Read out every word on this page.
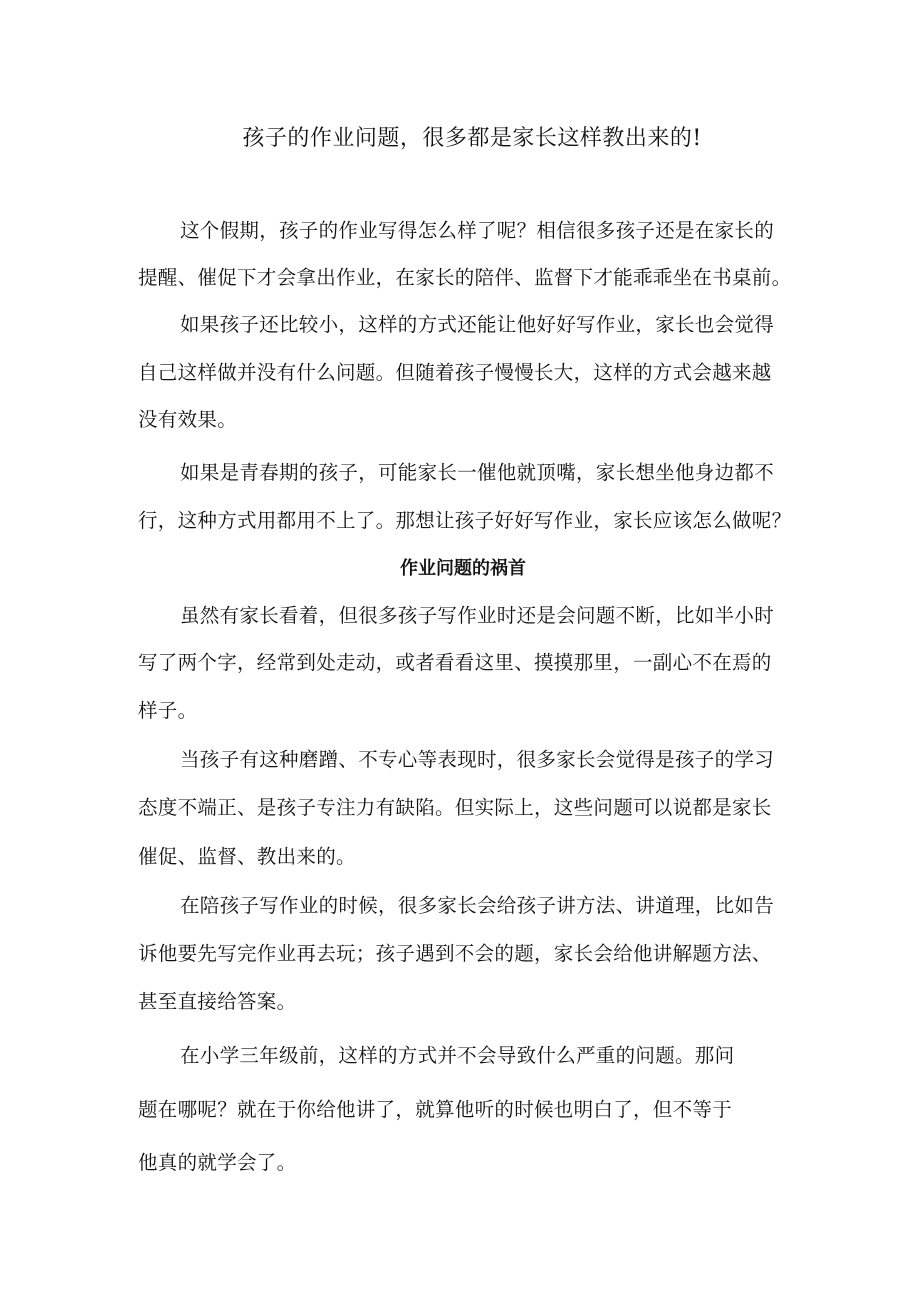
孩子的作业问题，很多都是家长这样教出来的!
这个假期，孩子的作业写得怎么样了呢？相信很多孩子还是在家长的
提醒、催促下才会拿出作业，在家长的陪伴、监督下才能乖乖坐在书桌前。
如果孩子还比较小，这样的方式还能让他好好写作业，家长也会觉得
自己这样做并没有什么问题。但随着孩子慢慢长大，这样的方式会越来越
没有效果。
如果是青春期的孩子，可能家长一催他就顶嘴，家长想坐他身边都不
行，这种方式用都用不上了。那想让孩子好好写作业，家长应该怎么做呢？
作业问题的祸首
虽然有家长看着，但很多孩子写作业时还是会问题不断，比如半小时
写了两个字，经常到处走动，或者看看这里、摸摸那里，一副心不在焉的
样子。
当孩子有这种磨蹭、不专心等表现时，很多家长会觉得是孩子的学习
态度不端正、是孩子专注力有缺陷。但实际上，这些问题可以说都是家长
催促、监督、教出来的。
在陪孩子写作业的时候，很多家长会给孩子讲方法、讲道理，比如告
诉他要先写完作业再去玩；孩子遇到不会的题，家长会给他讲解题方法、
甚至直接给答案。
在小学三年级前，这样的方式并不会导致什么严重的问题。那问
题在哪呢？就在于你给他讲了，就算他听的时候也明白了，但不等于
他真的就学会了。
